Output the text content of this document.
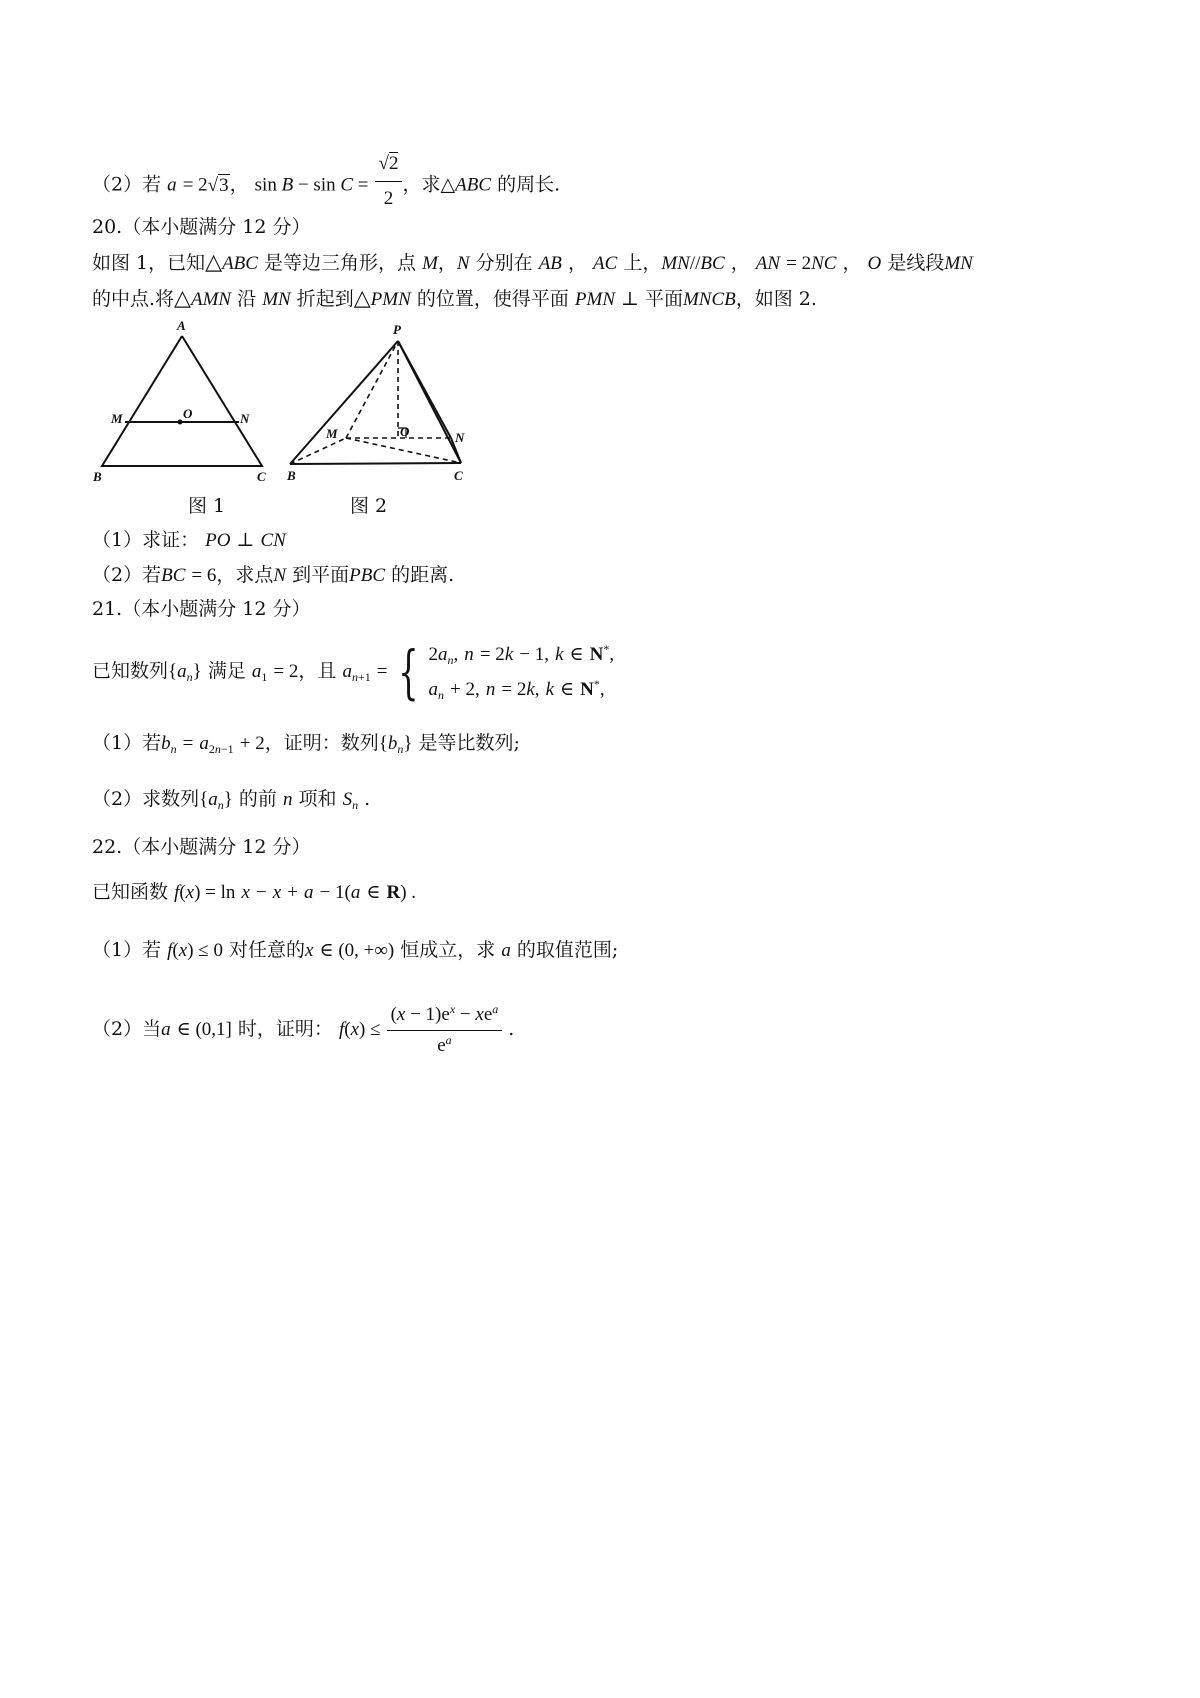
（2）若 a = 2√3， $\sin B - \sin C = \frac{√2}{2}$ ，求△ABC 的周长.
20.（本小题满分 12 分）
如图 1，已知△ABC 是等边三角形，点 M，N 分别在 AB ， AC 上，MN//BC ， AN = 2NC ， O 是线段MN
的中点.将△AMN 沿 MN 折起到△PMN 的位置，使得平面 PMN ⊥ 平面MNCB，如图 2.
A
M	O	N
B	C
P
M	O	N
B	C
图 1	图 2
（1）求证： PO ⊥ CN
（2）若BC = 6，求点N 到平面PBC 的距离.
21.（本小题满分 12 分）
已知数列$\{a_n\}$ 满足 $a_1 = 2$，且 $a_{n+1}$ = { $2a_n$, n = 2k − 1, k ∈ N*,
$a_n + 2$, n = 2k, k ∈ N*,
（1）若$b_n = a_{2n-1} + 2$，证明：数列$\{b_n\}$ 是等比数列;
（2）求数列$\{a_n\}$ 的前 n 项和 $S_n$ .
22.（本小题满分 12 分）
已知函数 f(x) = ln x − x + a − 1(a ∈ R) .
（1）若 f(x) ≤ 0 对任意的x ∈ (0, +∞) 恒成立，求 a 的取值范围;
（2）当a ∈ (0,1] 时，证明： $f(x) \le \frac{(x - 1)e^x - xe^a}{e^a}$ .
